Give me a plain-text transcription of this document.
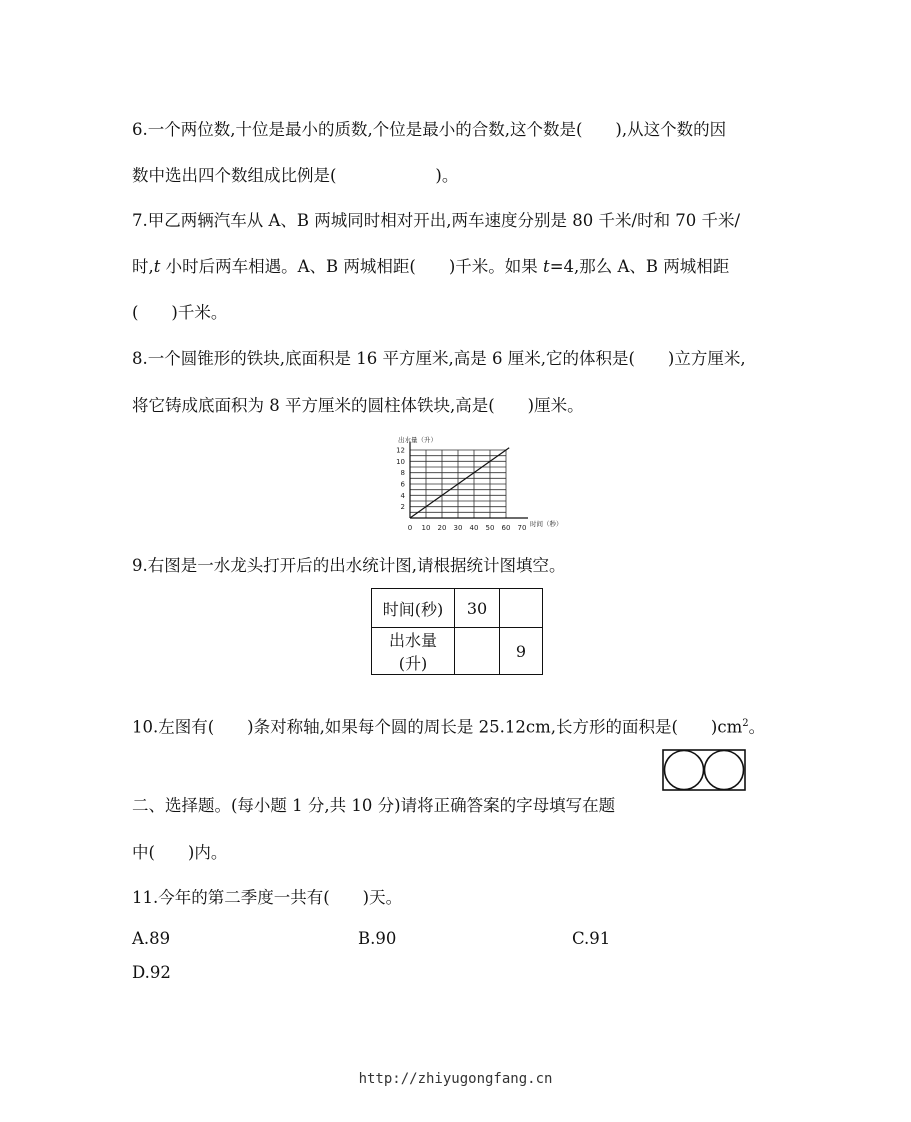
6.一个两位数,十位是最小的质数,个位是最小的合数,这个数是(　　),从这个数的因
数中选出四个数组成比例是(　　　　　　)。
7.甲乙两辆汽车从 A、B 两城同时相对开出,两车速度分别是 80 千米/时和 70 千米/
时,t 小时后两车相遇。A、B 两城相距(　　)千米。如果 t=4,那么 A、B 两城相距
(　　)千米。
8.一个圆锥形的铁块,底面积是 16 平方厘米,高是 6 厘米,它的体积是(　　)立方厘米,
将它铸成底面积为 8 平方厘米的圆柱体铁块,高是(　　)厘米。
0 10 20 30 40 50 60 70
2
4
6
8
10
12
出水量（升）
时间（秒）
9.右图是一水龙头打开后的出水统计图,请根据统计图填空。
时间(秒)	30	
出水量(升)		9
10.左图有(　　)条对称轴,如果每个圆的周长是 25.12cm,长方形的面积是(　　)$cm^2$。
二、选择题。(每小题 1 分,共 10 分)请将正确答案的字母填写在题
中(　　)内。
11.今年的第二季度一共有(　　)天。
A.89	B.90	C.91
D.92
http://zhiyugongfang.cn
